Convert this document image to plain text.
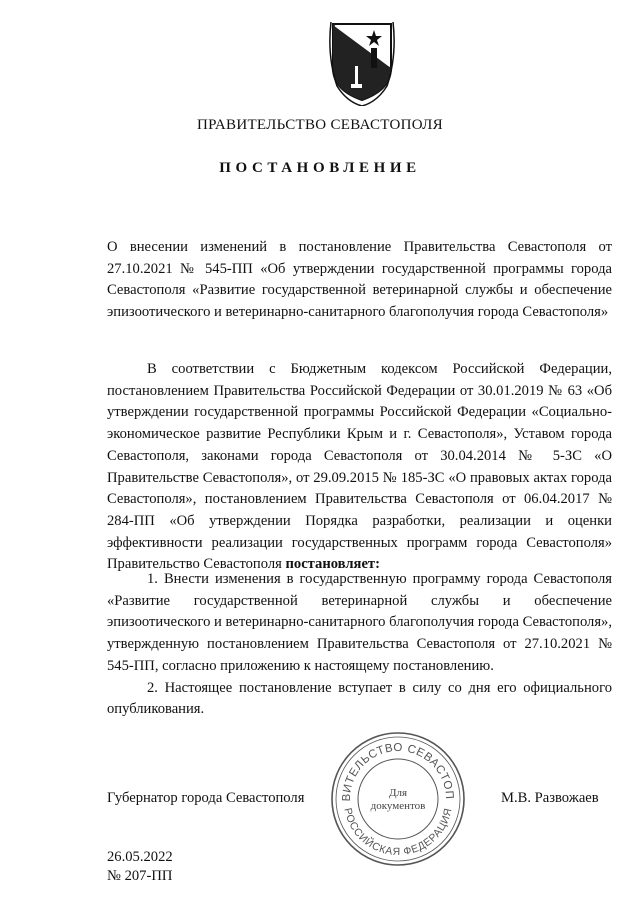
ПРАВИТЕЛЬСТВО СЕВАСТОПОЛЯ
ПОСТАНОВЛЕНИЕ
О внесении изменений в постановление Правительства Севастополя от 27.10.2021 № 545-ПП «Об утверждении государственной программы города Севастополя «Развитие государственной ветеринарной службы и обеспечение эпизоотического и ветеринарно-санитарного благополучия города Севастополя»

В соответствии с Бюджетным кодексом Российской Федерации, постановлением Правительства Российской Федерации от 30.01.2019 № 63 «Об утверждении государственной программы Российской Федерации «Социально-экономическое развитие Республики Крым и г. Севастополя», Уставом города Севастополя, законами города Севастополя от 30.04.2014 № 5-ЗС «О Правительстве Севастополя», от 29.09.2015 № 185-ЗС «О правовых актах города Севастополя», постановлением Правительства Севастополя от 06.04.2017 № 284-ПП «Об утверждении Порядка разработки, реализации и оценки эффективности реализации государственных программ города Севастополя» Правительство Севастополя постановляет:

1. Внести изменения в государственную программу города Севастополя «Развитие государственной ветеринарной службы и обеспечение эпизоотического и ветеринарно-санитарного благополучия города Севастополя», утвержденную постановлением Правительства Севастополя от 27.10.2021 № 545-ПП, согласно приложению к настоящему постановлению.

2. Настоящее постановление вступает в силу со дня его официального опубликования.

Губернатор города Севастополя	ВИТЕЛЬСТВО СЕВАСТОП
РОССИЙСКАЯ ФЕДЕРАЦИЯ
Для
документов	М.В. Развожаев
26.05.2022
№ 207-ПП
